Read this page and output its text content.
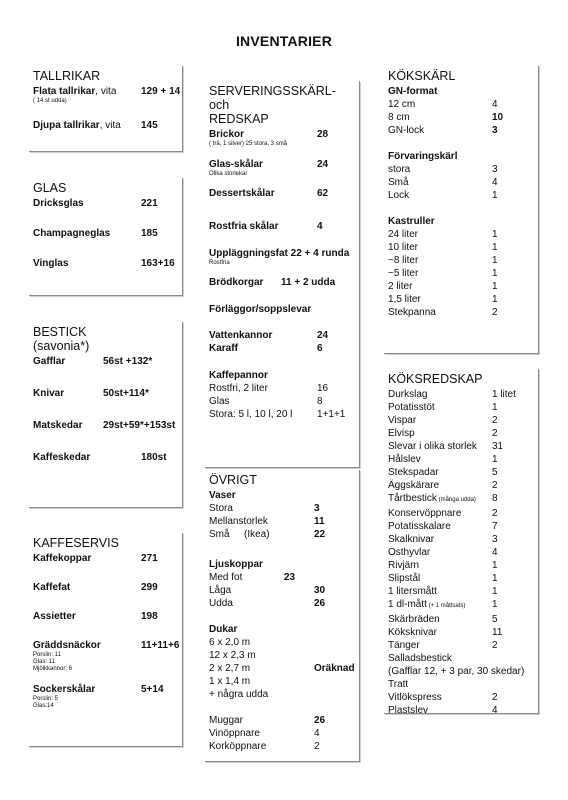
INVENTARIER
TALLRIKAR
Flata tallrikar, vita 129 + 14
( 14 st udda)
Djupa tallrikar, vita 145
GLAS
Dricksglas	221
Champagneglas	185
Vinglas	163+16
BESTICK
(savonia*)
Gafflar	56st +132*
Knivar	50st+114*
Matskedar 29st+59*+153st
Kaffeskedar	180st
KAFFESERVIS
Kaffekoppar	271
Kaffefat	299
Assietter	198
Gräddsnäckor	11+11+6
Porslin: 11
Glas: 11
Mjölkkannor: 6
Sockerskålar	5+14
Porslin: 5
Glas:14
SERVERINGSSKÄRL- och
REDSKAP
Brickor	28
( trä, 1 silver) 25 stora, 3 små
Glas-skålar	24
Olika storlekar
Dessertskålar	62
Rostfria skålar	4
Uppläggningsfat 22 + 4 runda
Rostfria
Brödkorgar 11 + 2 udda
Förläggor/soppslevar
Vattenkannor	24
Karaff	6
Kaffepannor
Rostfri, 2 liter	16
Glas	8
Stora: 5 l, 10 l, 20 l 1+1+1
ÖVRIGT
Vaser
Stora	3
Mellanstorlek	11
Små (Ikea)	22
Ljuskoppar
Med fot	23
Låga	30
Udda	26
Dukar
6 x 2,0 m
12 x 2,3 m
2 x 2,7 m	Oräknad
1 x 1,4 m
+ några udda
Muggar	26
Vinöppnare	4
Korköppnare	2
KÖKSKÄRL
GN-format
12 cm	4
8 cm	10
GN-lock	3
Förvaringskärl
stora	3
Små	4
Lock	1
Kastruller
24 liter	1
10 liter	1
~8 liter	1
~5 liter	1
2 liter	1
1,5 liter	1
Stekpanna	2
KÖKSREDSKAP
Durkslag	1 litet
Potatisstöt	1
Vispar	2
Elvisp	2
Slevar i olika storlek 31
Hålslev	1
Stekspadar	5
Äggskärare	2
Tårtbestick (många udda) 8
Konservöppnare	2
Potatisskalare	7
Skalknivar	3
Osthyvlar	4
Rivjärn	1
Slipstål	1
1 litersmått	1
1 dl-mått (+ 1 måttsats)	1
Skärbräden	5
Köksknivar	11
Tänger	2
Salladsbestick
(Gafflar 12, + 3 par, 30 skedar)
Tratt
Vitlökspress	2
Plastslev	4
